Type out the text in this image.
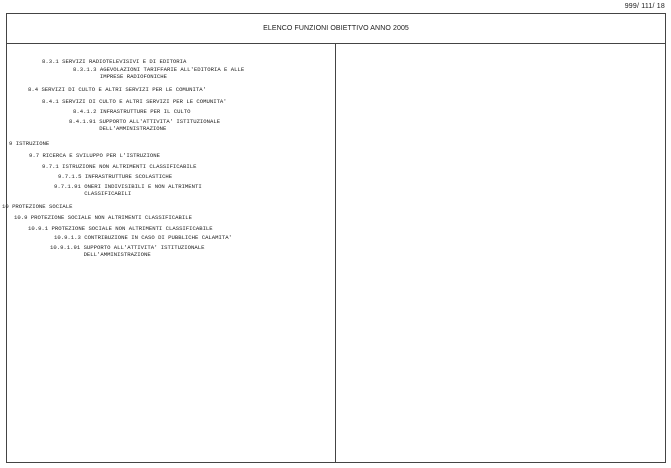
999/ 111/ 18
ELENCO FUNZIONI OBIETTIVO ANNO 2005
8.3.1 SERVIZI RADIOTELEVISIVI E DI EDITORIA
8.3.1.3 AGEVOLAZIONI TARIFFARIE ALL'EDITORIA E ALLE
IMPRESE RADIOFONICHE
8.4 SERVIZI DI CULTO E ALTRI SERVIZI PER LE COMUNITA'
8.4.1 SERVIZI DI CULTO E ALTRI SERVIZI PER LE COMUNITA'
8.4.1.2 INFRASTRUTTURE PER IL CULTO
8.4.1.91 SUPPORTO ALL'ATTIVITA' ISTITUZIONALE
DELL'AMMINISTRAZIONE
9 ISTRUZIONE
9.7 RICERCA E SVILUPPO PER L'ISTRUZIONE
9.7.1 ISTRUZIONE NON ALTRIMENTI CLASSIFICABILE
9.7.1.5 INFRASTRUTTURE SCOLASTICHE
9.7.1.91 ONERI INDIVISIBILI E NON ALTRIMENTI
CLASSIFICABILI
10 PROTEZIONE SOCIALE
10.9 PROTEZIONE SOCIALE NON ALTRIMENTI CLASSIFICABILE
10.9.1 PROTEZIONE SOCIALE NON ALTRIMENTI CLASSIFICABILE
10.9.1.3 CONTRIBUZIONE IN CASO DI PUBBLICHE CALAMITA'
10.9.1.91 SUPPORTO ALL'ATTIVITA' ISTITUZIONALE
DELL'AMMINISTRAZIONE
